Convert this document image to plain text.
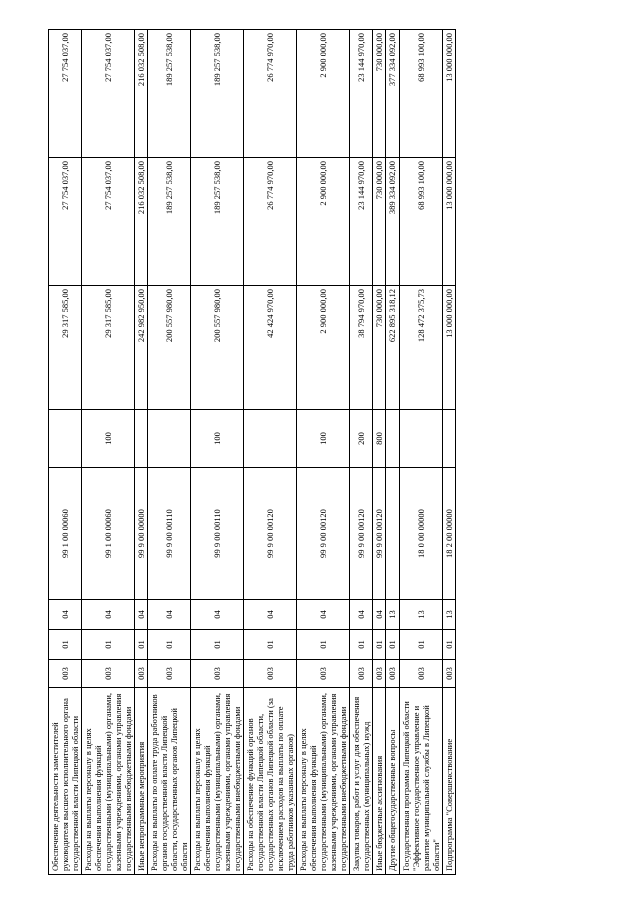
Обеспечение деятельности заместителей руководителя высшего исполнительного органа государственной власти Липецкой области	003	01	04	99 1 00 00060		29 317 585,00	27 754 037,00	27 754 037,00
Расходы на выплаты персоналу в целях обеспечения выполнения функций государственными (муниципальными) органами, казенными учреждениями, органами управления государственными внебюджетными фондами	003	01	04	99 1 00 00060	100	29 317 585,00	27 754 037,00	27 754 037,00
Иные непрограммные мероприятия	003	01	04	99 9 00 00000		242 982 950,00	216 032 508,00	216 032 508,00
Расходы на выплаты по оплате труда работников органов государственной власти Липецкой области, государственных органов Липецкой области	003	01	04	99 9 00 00110		200 557 980,00	189 257 538,00	189 257 538,00
Расходы на выплаты персоналу в целях обеспечения выполнения функций государственными (муниципальными) органами, казенными учреждениями, органами управления государственными внебюджетными фондами	003	01	04	99 9 00 00110	100	200 557 980,00	189 257 538,00	189 257 538,00
Расходы на обеспечение функций органов государственной власти Липецкой области, государственных органов Липецкой области (за исключением расходов на выплаты по оплате труда работников указанных органов)	003	01	04	99 9 00 00120		42 424 970,00	26 774 970,00	26 774 970,00
Расходы на выплаты персоналу в целях обеспечения выполнения функций государственными (муниципальными) органами, казенными учреждениями, органами управления государственными внебюджетными фондами	003	01	04	99 9 00 00120	100	2 900 000,00	2 900 000,00	2 900 000,00
Закупка товаров, работ и услуг для обеспечения государственных (муниципальных) нужд	003	01	04	99 9 00 00120	200	38 794 970,00	23 144 970,00	23 144 970,00
Иные бюджетные ассигнования	003	01	04	99 9 00 00120	800	730 000,00	730 000,00	730 000,00
Другие общегосударственные вопросы	003	01	13			622 895 318,12	389 334 092,00	377 334 092,00
Государственная программа Липецкой области "Эффективное государственное управление и развитие муниципальной службы в Липецкой области"	003	01	13	18 0 00 00000		128 472 375,73	68 993 100,00	68 993 100,00
Подпрограмма "Совершенствование	003	01	13	18 2 00 00000		13 000 000,00	13 000 000,00	13 000 000,00
